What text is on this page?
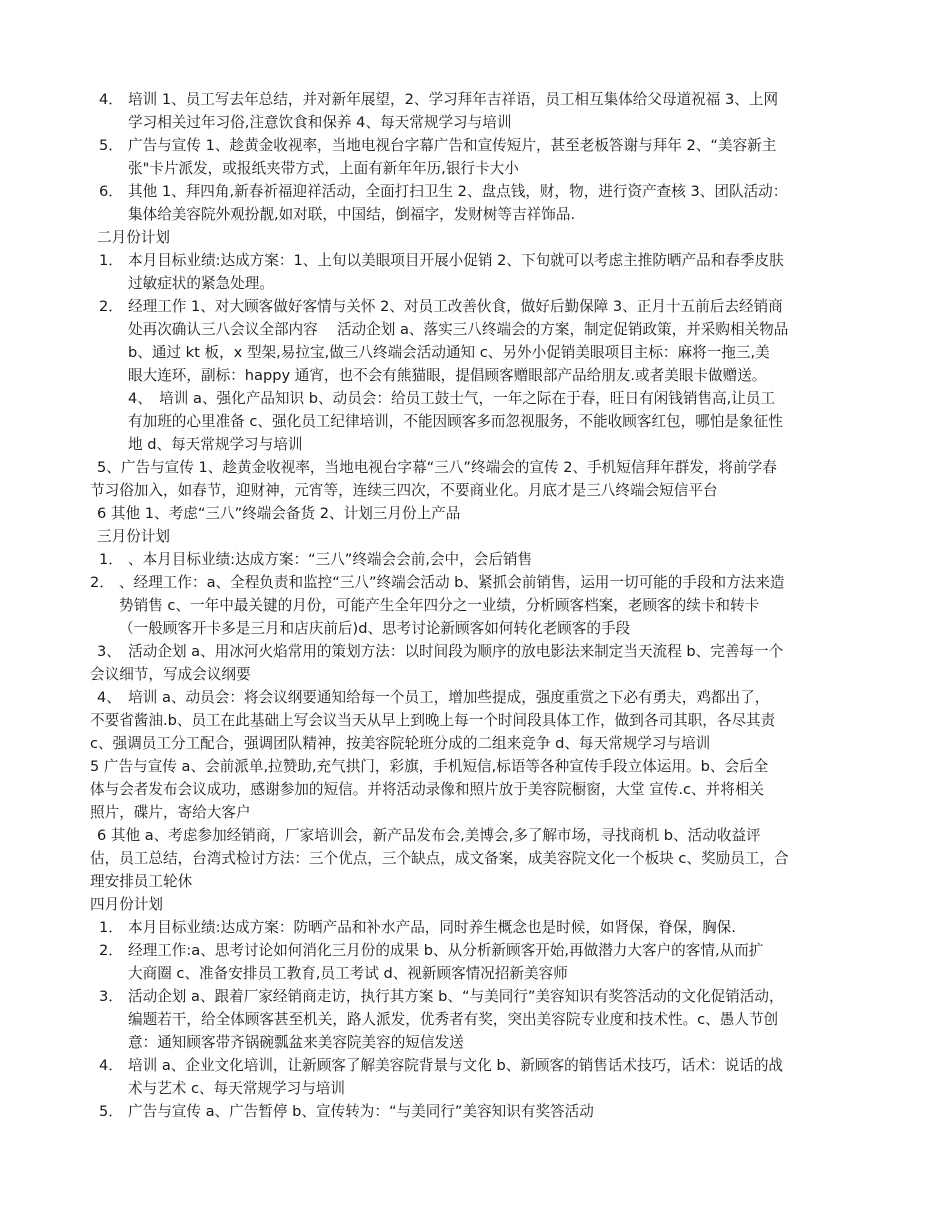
4． 培训 1、员工写去年总结，并对新年展望，2、学习拜年吉祥语，员工相互集体给父母道祝福 3、上网
学习相关过年习俗,注意饮食和保养 4、每天常规学习与培训
5． 广告与宣传 1、趁黄金收视率，当地电视台字幕广告和宣传短片，甚至老板答谢与拜年 2、“美容新主
张"卡片派发，或报纸夹带方式，上面有新年年历,银行卡大小
6． 其他 1、拜四角,新春祈福迎祥活动，全面打扫卫生 2、盘点钱，财，物，进行资产查核 3、团队活动：
集体给美容院外观扮靓,如对联，中国结，倒福字，发财树等吉祥饰品.
二月份计划
1． 本月目标业绩:达成方案：1、上旬以美眼项目开展小促销 2、下旬就可以考虑主推防晒产品和春季皮肤
过敏症状的紧急处理。
2． 经理工作 1、对大顾客做好客情与关怀 2、对员工改善伙食，做好后勤保障 3、正月十五前后去经销商
处再次确认三八会议全部内容　 活动企划 a、落实三八终端会的方案，制定促销政策，并采购相关物品
b、通过 kt 板，x 型架,易拉宝,做三八终端会活动通知 c、另外小促销美眼项目主标：麻将一拖三,美
眼大连环，副标：happy 通宵，也不会有熊猫眼，提倡顾客赠眼部产品给朋友.或者美眼卡做赠送。
4、　培训 a、强化产品知识 b、动员会：给员工鼓士气，一年之际在于春，旺日有闲钱销售高,让员工
有加班的心里准备 c、强化员工纪律培训，不能因顾客多而忽视服务，不能收顾客红包，哪怕是象征性
地 d、每天常规学习与培训
5、广告与宣传 1、趁黄金收视率，当地电视台字幕“三八”终端会的宣传 2、手机短信拜年群发，将前学春
节习俗加入，如春节，迎财神，元宵等，连续三四次，不要商业化。月底才是三八终端会短信平台
6 其他 1、考虑“三八”终端会备货 2、计划三月份上产品
三月份计划
1． 、本月目标业绩:达成方案：“三八”终端会会前,会中，会后销售
2． 、经理工作：a、全程负责和监控“三八”终端会活动 b、紧抓会前销售，运用一切可能的手段和方法来造
势销售 c、一年中最关键的月份，可能产生全年四分之一业绩，分析顾客档案，老顾客的续卡和转卡
（一般顾客开卡多是三月和店庆前后)d、思考讨论新顾客如何转化老顾客的手段
3、　活动企划 a、用冰河火焰常用的策划方法：以时间段为顺序的放电影法来制定当天流程 b、完善每一个
会议细节，写成会议纲要
4、　培训 a、动员会：将会议纲要通知给每一个员工，增加些提成，强度重赏之下必有勇夫，鸡都出了，
不要省酱油.b、员工在此基础上写会议当天从早上到晚上每一个时间段具体工作，做到各司其职，各尽其责
c、强调员工分工配合，强调团队精神，按美容院轮班分成的二组来竞争 d、每天常规学习与培训
5 广告与宣传 a、会前派单,拉赞助,充气拱门，彩旗，手机短信,标语等各种宣传手段立体运用。b、会后全
体与会者发布会议成功，感谢参加的短信。并将活动录像和照片放于美容院橱窗，大堂 宣传.c、并将相关
照片，碟片，寄给大客户
6 其他 a、考虑参加经销商，厂家培训会，新产品发布会,美博会,多了解市场，寻找商机 b、活动收益评
估，员工总结，台湾式检讨方法：三个优点，三个缺点，成文备案，成美容院文化一个板块 c、奖励员工，合
理安排员工轮休
四月份计划
1． 本月目标业绩:达成方案：防晒产品和补水产品，同时养生概念也是时候，如肾保，脊保，胸保.
2． 经理工作:a、思考讨论如何消化三月份的成果 b、从分析新顾客开始,再做潜力大客户的客情,从而扩
大商圈 c、准备安排员工教育,员工考试 d、视新顾客情况招新美容师
3． 活动企划 a、跟着厂家经销商走访，执行其方案 b、“与美同行”美容知识有奖答活动的文化促销活动，
编题若干，给全体顾客甚至机关，路人派发，优秀者有奖，突出美容院专业度和技术性。c、愚人节创
意：通知顾客带齐锅碗瓢盆来美容院美容的短信发送
4． 培训 a、企业文化培训，让新顾客了解美容院背景与文化 b、新顾客的销售话术技巧，话术：说话的战
术与艺术 c、每天常规学习与培训
5． 广告与宣传 a、广告暂停 b、宣传转为：“与美同行”美容知识有奖答活动
